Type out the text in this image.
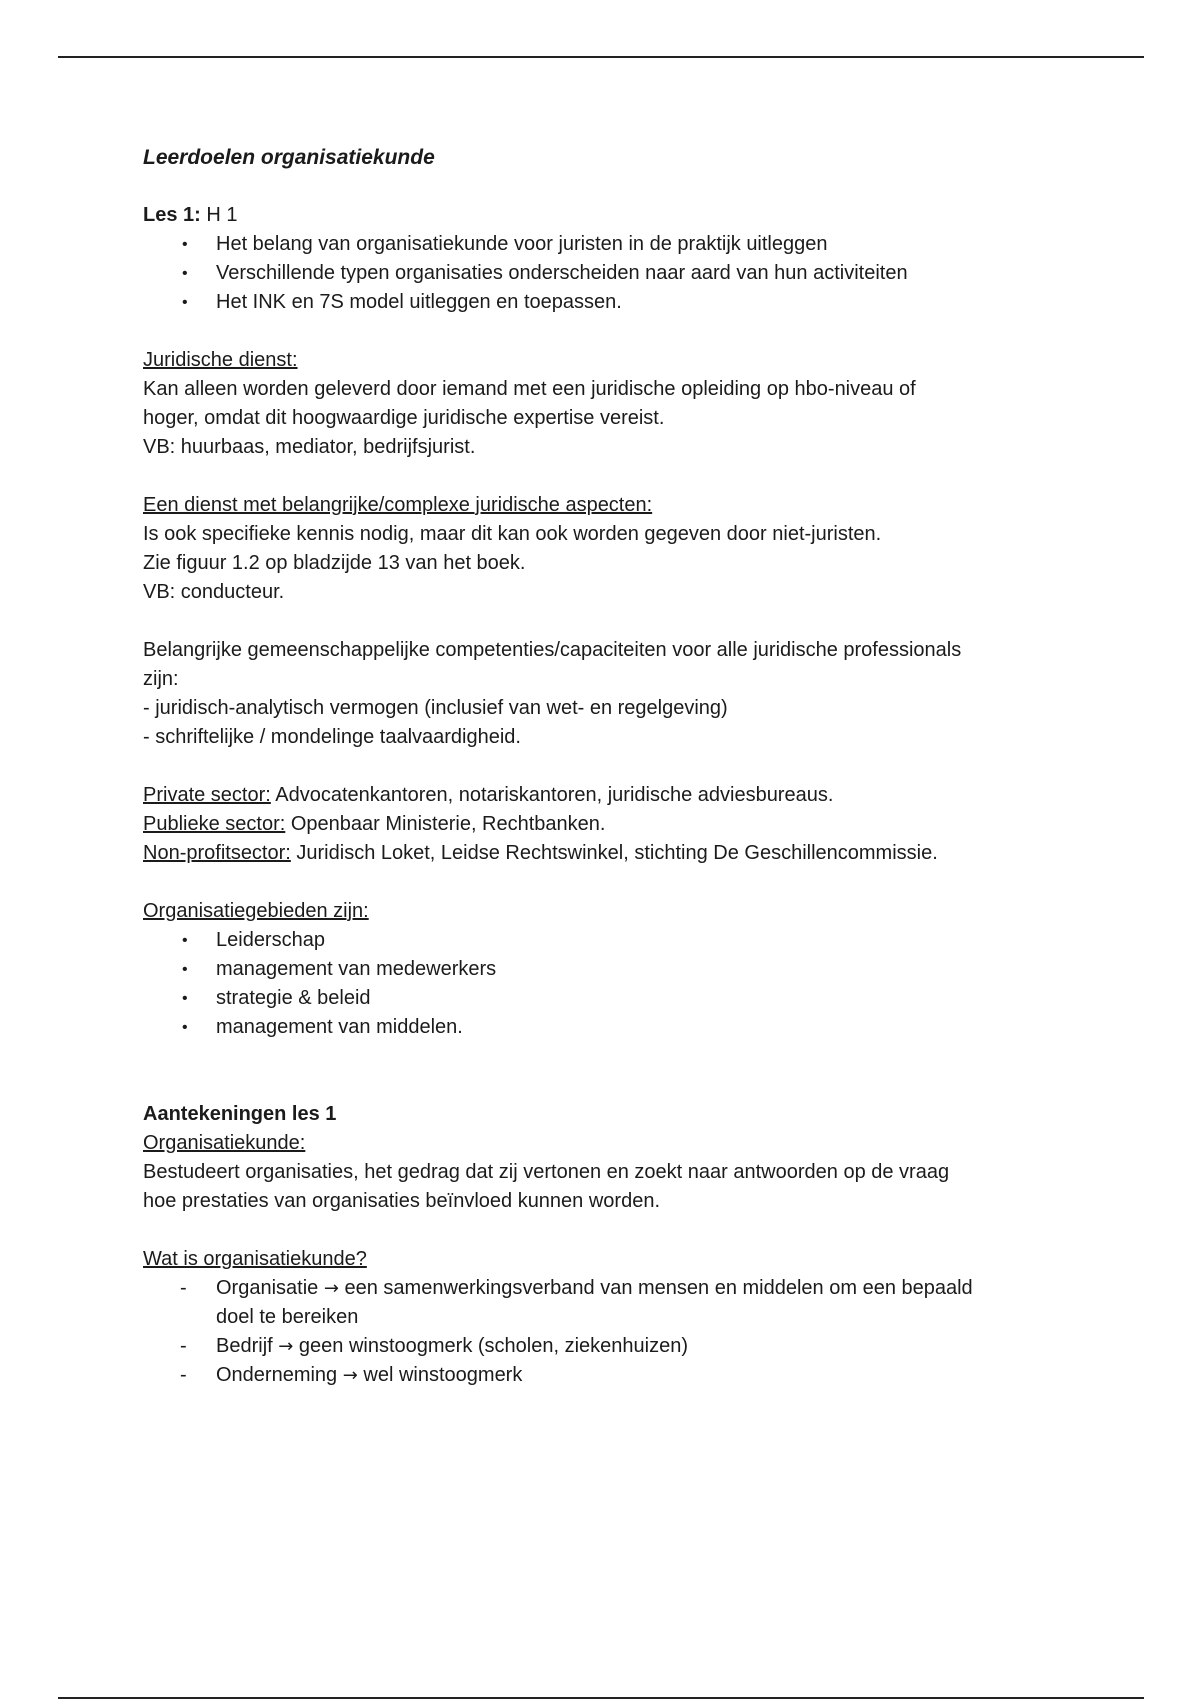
Leerdoelen organisatiekunde

Les 1: H 1

• Het belang van organisatiekunde voor juristen in de praktijk uitleggen
• Verschillende typen organisaties onderscheiden naar aard van hun activiteiten
• Het INK en 7S model uitleggen en toepassen.

Juridische dienst:

Kan alleen worden geleverd door iemand met een juridische opleiding op hbo-niveau of

hoger, omdat dit hoogwaardige juridische expertise vereist.

VB: huurbaas, mediator, bedrijfsjurist.

Een dienst met belangrijke/complexe juridische aspecten:

Is ook specifieke kennis nodig, maar dit kan ook worden gegeven door niet-juristen.

Zie figuur 1.2 op bladzijde 13 van het boek.

VB: conducteur.

Belangrijke gemeenschappelijke competenties/capaciteiten voor alle juridische professionals

zijn:

- juridisch-analytisch vermogen (inclusief van wet- en regelgeving)

- schriftelijke / mondelinge taalvaardigheid.

Private sector: Advocatenkantoren, notariskantoren, juridische adviesbureaus.

Publieke sector: Openbaar Ministerie, Rechtbanken.

Non-profitsector: Juridisch Loket, Leidse Rechtswinkel, stichting De Geschillencommissie.

Organisatiegebieden zijn:

• Leiderschap
• management van medewerkers
• strategie & beleid
• management van middelen.

Aantekeningen les 1

Organisatiekunde:

Bestudeert organisaties, het gedrag dat zij vertonen en zoekt naar antwoorden op de vraag

hoe prestaties van organisaties beïnvloed kunnen worden.

Wat is organisatiekunde?

- Organisatie → een samenwerkingsverband van mensen en middelen om een bepaald
doel te bereiken
- Bedrijf → geen winstoogmerk (scholen, ziekenhuizen)
- Onderneming → wel winstoogmerk
